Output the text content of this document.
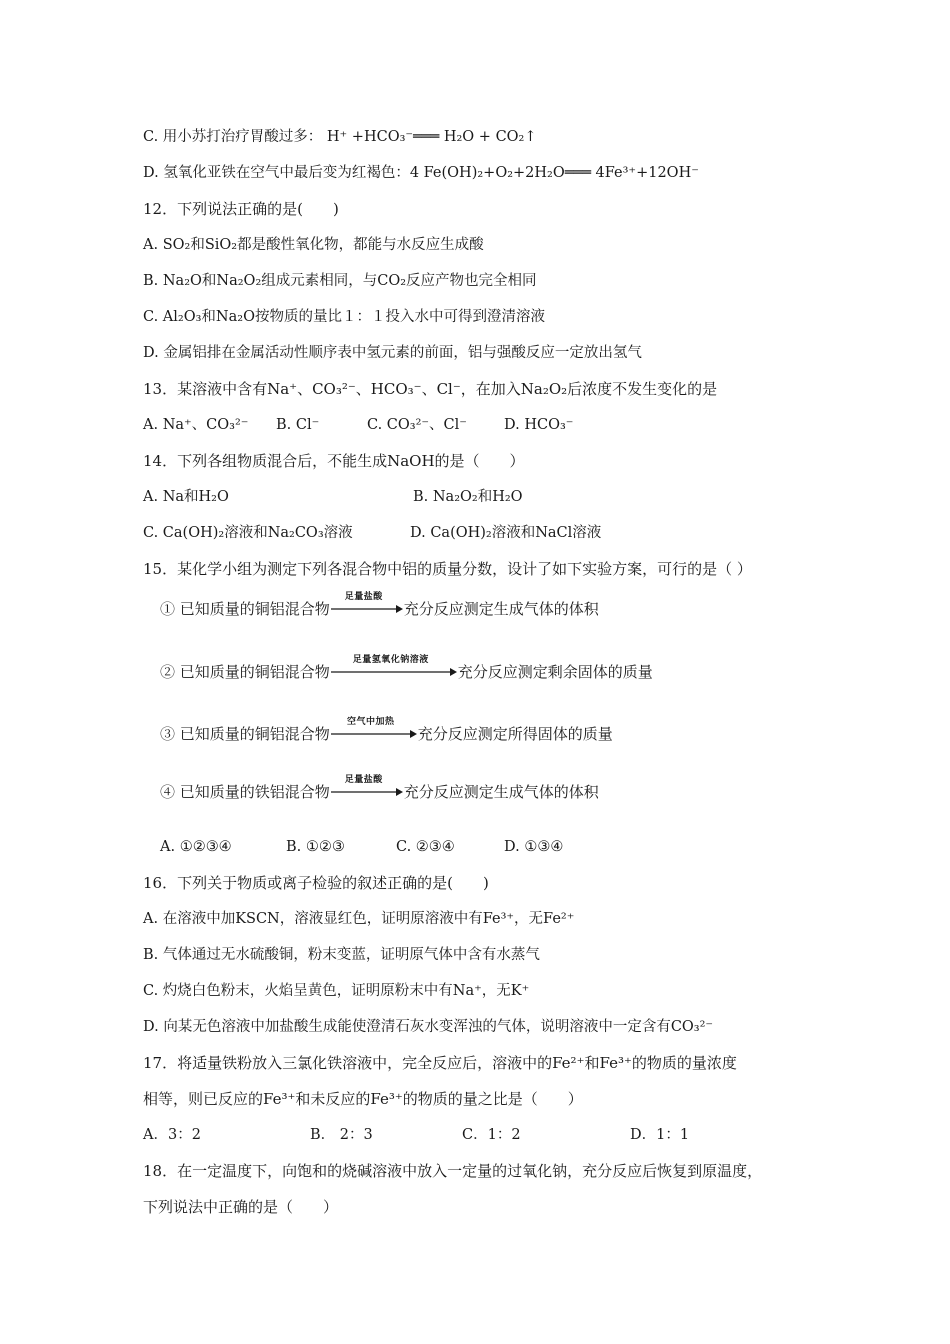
C. 用小苏打治疗胃酸过多： H⁺ +HCO₃⁻═══ H₂O + CO₂↑
D. 氢氧化亚铁在空气中最后变为红褐色：4 Fe(OH)₂+O₂+2H₂O═══ 4Fe³⁺+12OH⁻
12．下列说法正确的是(　　)
A. SO₂和SiO₂都是酸性氧化物，都能与水反应生成酸
B. Na₂O和Na₂O₂组成元素相同，与CO₂反应产物也完全相同
C. Al₂O₃和Na₂O按物质的量比１：１投入水中可得到澄清溶液
D. 金属铝排在金属活动性顺序表中氢元素的前面，铝与强酸反应一定放出氢气
13．某溶液中含有Na⁺、CO₃²⁻、HCO₃⁻、Cl⁻，在加入Na₂O₂后浓度不发生变化的是
A. Na⁺、CO₃²⁻ B. Cl⁻	C. CO₃²⁻、Cl⁻	D. HCO₃⁻
14．下列各组物质混合后，不能生成NaOH的是（　　）
A. Na和H₂O	B. Na₂O₂和H₂O
C. Ca(OH)₂溶液和Na₂CO₃溶液	D. Ca(OH)₂溶液和NaCl溶液
15．某化学小组为测定下列各混合物中铝的质量分数，设计了如下实验方案，可行的是（ ）
① 已知质量的铜铝混合物
足量盐酸
充分反应测定生成气体的体积
② 已知质量的铜铝混合物
足量氢氧化钠溶液
充分反应测定剩余固体的质量
③ 已知质量的铜铝混合物
空气中加热
充分反应测定所得固体的质量
④ 已知质量的铁铝混合物
足量盐酸
充分反应测定生成气体的体积
A. ①②③④	B. ①②③	C. ②③④	D. ①③④
16．下列关于物质或离子检验的叙述正确的是(　　)
A. 在溶液中加KSCN，溶液显红色，证明原溶液中有Fe³⁺，无Fe²⁺
B. 气体通过无水硫酸铜，粉末变蓝，证明原气体中含有水蒸气
C. 灼烧白色粉末，火焰呈黄色，证明原粉末中有Na⁺，无K⁺
D. 向某无色溶液中加盐酸生成能使澄清石灰水变浑浊的气体，说明溶液中一定含有CO₃²⁻
17．将适量铁粉放入三氯化铁溶液中，完全反应后，溶液中的Fe²⁺和Fe³⁺的物质的量浓度
相等，则已反应的Fe³⁺和未反应的Fe³⁺的物质的量之比是（　　）
A．3：2	B． 2：3	C．1：2	D．1：1
18．在一定温度下，向饱和的烧碱溶液中放入一定量的过氧化钠，充分反应后恢复到原温度，
下列说法中正确的是（　　）
